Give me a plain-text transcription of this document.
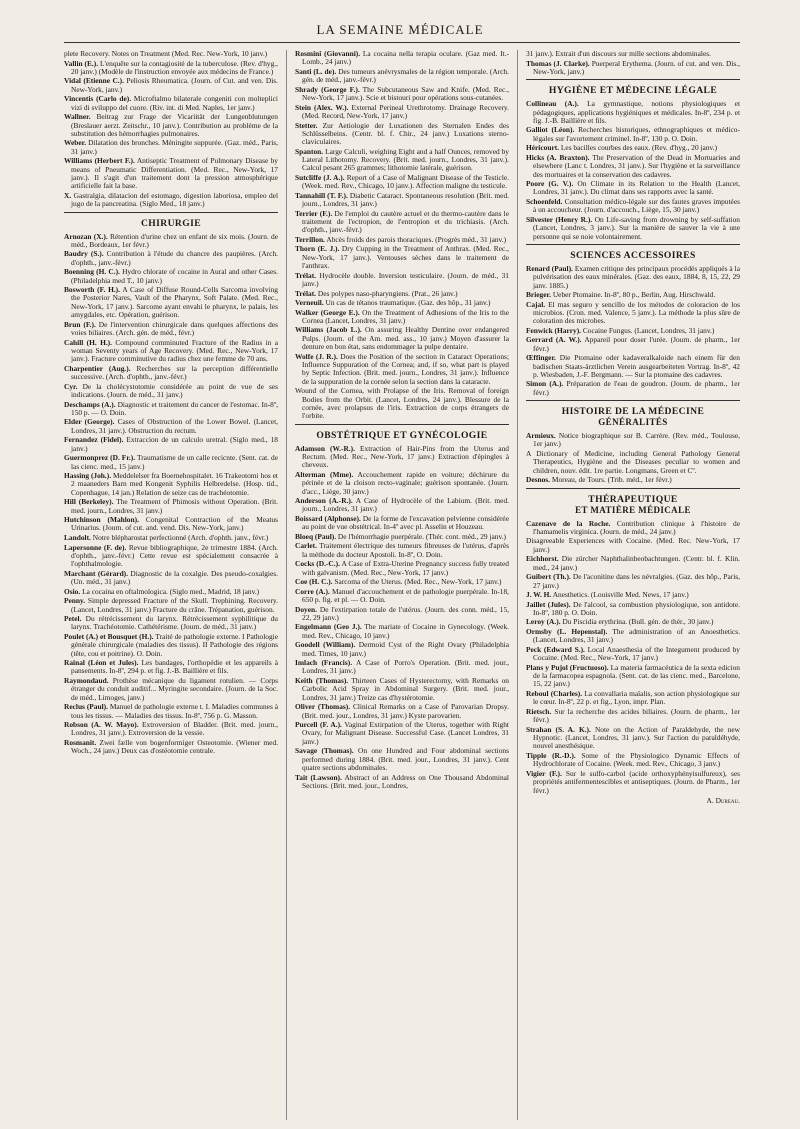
LA SEMAINE MÉDICALE
plete Recovery. Notes on Treatment (Med. Rec. New-York, 10 janv.)
Vallin (E.). L'enquête sur la contagiosité de la tuberculose. (Rev. d'hyg., 20 janv.) (Modèle de l'instruction envoyée aux médecins de France.)
Vidal (Etienne C.). Peliosis Rheumatica. (Journ. of Cut. and ven. Dis. New-York, janv.)
Vincentis (Carlo de). Microftalmo bilaterale congeniti con molteplici vizi di sviluppo del cuore. (Riv. int. di Med. Naples, 1er janv.)
Wallner. Beitrag zur Frage der Vicariität der Lungenblutungen (Breslauer aerzt. Zeitschr., 10 janv.). Contribution au problème de la substitution des hémorrhagies pulmonaires.
Weber. Dilatation des bronches. Méningite suppurée. (Gaz. méd., Paris, 31 janv.)
Williams (Herbert F.). Antiseptic Treatment of Pulmonary Disease by means of Pneumatic Differentiation. (Med. Rec., New-York, 17 janv.). Il s'agit d'un traitement dont la pression atmosphérique artificielle fait la base.
X. Gastralgia, dilatacion del estomago, digestion laboriosa, empleo del jugo de la pancreatina. (Siglo Med., 18 janv.)
CHIRURGIE
Arnozan (X.). Rétention d'urine chez un enfant de six mois. (Journ. de méd., Bordeaux, 1er févr.)
Baudry (S.). Contribution à l'étude du chancre des paupières. (Arch. d'ophth., janv.-févr.)
Boenning (H. C.). Hydro chlorate of cocaine in Aural and other Cases. (Philadelphia med T., 10 janv.)
Bosworth (F. H.). A Case of Diffuse Round-Cells Sarcoma involving the Posterior Nares, Vault of the Pharynx, Soft Palate. (Med. Rec., New-York, 17 janv.). Sarcome ayant envahi le pharynx, le palais, les amygdales, etc. Opération, guérison.
Brun (F.). De l'intervention chirurgicale dans quelques affections des voies biliaires. (Arch. gén. de méd., févr.)
Cahill (H. H.). Compound comminuted Fracture of the Radius in a woman Seventy years of Age Recovery. (Med. Rec., New-York, 17 janv.). Fracture comminutive du radius chez une femme de 70 ans.
Charpentier (Aug.). Recherches sur la perception différentielle successive. (Arch. d'ophth., janv.-févr.)
Cyr. De la cholécystotomie considérée au point de vue de ses indications. (Journ. de méd., 31 janv.)
Deschamps (A.). Diagnostic et traitement du cancer de l'estomac. In-8º, 150 p. — O. Doin.
Elder (George). Cases of Obstruction of the Lower Bowel. (Lancet, Londres, 31 janv.). Obstruction du rectum.
Fernandez (Fidel). Extraccion de un calculo uretral. (Siglo med., 18 janv.)
Guermonprez (D. Fr.). Traumatisme de un calle recicnte. (Sent. cat. de las cienc. med., 15 janv.)
Hassing (Joh.). Meddelelser fra Boernehospitalet. 16 Trakeotomi hos et 2 maaneders Barn med Kongenit Syphilis Helbredelse. (Hosp. tid., Copenhague, 14 jan.) Relation de seize cas de trachéotomie.
Hill (Berkeley). The Treatment of Phimosis without Operation. (Brit. med. journ., Londres, 31 janv.)
Hutchinson (Mahlon). Congenital Contraction of the Meatus Urinarius. (Journ. of cut. and. vend. Dis. New-York, janv.)
Landolt. Notre blépharostat perfectionné (Arch. d'ophth. janv., févr.)
Lapersonne (F. de). Revue bibliographique, 2e trimestre 1884. (Arch. d'ophth., janv.-févr.) Cette revue est spécialement consacrée à l'ophthalmologie.
Marchant (Gérard). Diagnostic de la coxalgie. Des pseudo-coxalgies. (Un. méd., 31 janv.)
Osio. La cocaina en oftalmologica. (Siglo med., Madrid, 18 janv.)
Penny. Simple depressed Fracture of the Skull. Trephining. Recovery. (Lancet, Londres, 31 janv.) Fracture du crâne. Trépanation, guérison.
Petel. Du rétrécissement du larynx. Rétrécissement syphilitique du larynx. Trachéotomie. Cathétérisme. (Journ. de méd., 31 janv.)
Poulet (A.) et Bousquet (H.). Traité de pathologie externe. I Pathologie générale chirurgicale (maladies des tissus). II Pathologie des régions (tête, cou et poitrine). O. Doin.
Rainal (Léon et Jules). Les bandages, l'orthopédie et les appareils à pansements. In-8º, 294 p. et fig. J.-B. Baillière et fils.
Raymondaud. Prothèse mécanique du ligament rotulien. — Corps étranger du conduit auditif... Myringite secondaire. (Journ. de la Soc. de méd., Limoges, janv.)
Reclus (Paul). Manuel de pathologie externe t. I. Maladies communes à tous les tissus. — Maladies des tissus. In-8º, 756 p. G. Masson.
Robson (A. W. Mayo). Extroversion of Bladder. (Brit. med. journ., Londres, 31 janv.). Extroversion de la vessie.
Rosmanit. Zwei fælle von bogenformiger Osteotomie. (Wiener med. Woch., 24 janv.) Deux cas d'ostéotomie centrale.
Rosmini (Giovanni). La cocaina nella terapia oculare. (Gaz med. It.-Lomb., 24 janv.)
Santi (L. de). Des tumeurs anévrysmales de la région temporale. (Arch. gén. de méd., janv.-févr.)
Shrady (George F.). The Subcutaneous Saw and Knife. (Med. Rec., New-York, 17 janv.). Scie et bistouri pour opérations sous-cutanées.
Stein (Alex. W.). External Perineal Urethrotomy. Drainage Recovery. (Med. Record, New-York, 17 janv.)
Stetter. Zur Aetiologie der Luxationen des Sternalen Endes des Schlüsselbeins. (Centr. bl. f. Chir., 24 janv.) Luxations sterno-claviculaires.
Spanton. Large Calculi, weighing Eight and a half Ounces, removed by Lateral Lithotomy. Recovery. (Brit. med. journ., Londres, 31 janv.). Calcul pesant 265 grammes; lithotomie latérale, guérison.
Sutcliffe (J. A.). Report of a Case of Malignant Disease of the Testicle. (Week. med. Rev., Chicago, 10 janv.). Affection maligne du testicule.
Tannahill (T. F.). Diabetic Cataract. Spontaneous resolution (Brit. med. journ., Londres, 31 janv.)
Terrier (F.). De l'emploi du cautère actuel et du thermo-cautère dans le traitement de l'ectropion, de l'entropion et du trichiasis. (Arch. d'ophth., janv.-févr.)
Terrillon. Abcès froids des parois thoraciques. (Progrès méd., 31 janv.)
Thorn (E. J.). Dry Cupping in the Treatment of Anthrax. (Med. Rec., New-York, 17 janv.). Ventouses sèches dans le traitement de l'anthrax.
Trélat. Hydrocèle double. Inversion testiculaire. (Journ. de méd., 31 janv.)
Trélat. Des polypes naso-pharyngiens. (Prat., 26 janv.)
Verneuil. Un cas de tétanos traumatique. (Gaz. des hôp., 31 janv.)
Walker (George E.). On the Treatment of Adhesions of the Iris to the Cornea (Lancet, Londres, 31 janv.)
Williams (Jacob L.). On assuring Healthy Dentine over endangered Pulps. (Journ. of the Am. med. ass., 10 janv.) Moyen d'assurer la denture en bon état, sans endommager la pulpe dentaire.
Wolfe (J. R.). Does the Position of the section in Cataract Operations; Influence Suppuration of the Cornea; and, if so, what part is played by Septic Infection. (Brit. med. journ., Londres, 31 janv.). Influence de la suppuration de la cornée selon la section dans la cataracte.
Wound of the Cornea, with Prolapse of the Iris. Removal of foreign Bodies from the Orbit. (Lancet, Londres, 24 janv.). Blessure de la cornée, avec prolapsus de l'iris. Extraction de corps étrangers de l'orbite.
OBSTÉTRIQUE ET GYNÉCOLOGIE
Adamson (W.-R.). Extraction of Hair-Pins from the Uterus and Rectum. (Med. Rec., New-York, 17 janv.) Extraction d'épingles à cheveux.
Alterman (Mme). Accouchement rapide en voiture; déchirure du périnée et de la cloison recto-vaginale; guérison spontanée. (Journ. d'acc., Liège, 30 janv.)
Anderson (A.-R.). A Case of Hydrocèle of the Labium. (Brit. med. journ., Londres, 31 janv.)
Boissard (Alphonse). De la forme de l'excavation pelvienne considérée au point de vue obstétrical. In-4º avec pl. Asselin et Houzeau.
Bloeq (Paul). De l'hémorrhagie puerpérale. (Thér. cont. méd., 29 janv.)
Carlet. Traitement électrique des tumeurs fibreuses de l'utérus, d'après la méthode du docteur Apostoli. In-8º, O. Doin.
Cocks (D.-C.). A Case of Extra-Uterine Pregnancy success fully treated with galvanism. (Med. Rec., New-York, 17 janv.)
Coe (H. C.). Sarcoma of the Uterus. (Med. Rec., New-York, 17 janv.)
Corre (A.). Manuel d'accouchement et de pathologie puerpérale. In-18, 650 p. fig. et pl. — O. Doin.
Doyen. De l'extirpation totale de l'utérus. (Journ. des conn. méd., 15, 22, 29 janv.)
Engelmann (Geo J.). The mariate of Cocaine in Gynecology. (Week. med. Rev., Chicago, 10 janv.)
Goodell (William). Dermoid Cyst of the Right Ovary (Philadelphia med. Times, 10 janv.)
Imlach (Francis). A Case of Porro's Operation. (Brit. med. jour., Londres, 31 janv.)
Keith (Thomas). Thirteen Cases of Hysterectomy, with Remarks on Carbolic Acid Spray in Abdominal Surgery. (Brit. med. jour., Londres, 31 janv.) Treize cas d'hystérotomie.
Oliver (Thomas). Clinical Remarks on a Case of Parovarian Dropsy. (Brit. med. jour., Londres, 31 janv.) Kyste parovarien.
Purcell (F. A.). Vaginal Extirpation of the Uterus, together with Right Ovary, for Malignant Disease. Successful Case. (Lancet Londres, 31 janv.)
Savage (Thomas). On one Hundred and Four abdominal sections performed during 1884. (Brit. med. jour., Londres, 31 janv.). Cent quatre sections abdominales.
Tait (Lawson). Abstract of an Address on One Thousand Abdominal Sections. (Brit. med. jour., Londres,
31 janv.). Extrait d'un discours sur mille sections abdominales.
Thomas (J. Clarke). Puerperal Erythema. (Journ. of cut. and ven. Dis., New-York, janv.)
HYGIÈNE ET MÉDECINE LÉGALE
Collineau (A.). La gymnastique, notions physiologiques et pédagogiques, applications hygiéniques et médicales. In-8º, 234 p. et fig. J.-B. Baillière et fils.
Galliot (Léon). Recherches historiques, ethnographiques et médico-légales sur l'avortement criminel. In-8º, 130 p. O. Doin.
Héricourt. Les bacilles courbes des eaux. (Rev. d'hyg., 20 janv.)
Hicks (A. Braxton). The Preservation of the Dead in Mortuaries and elsewhere (Lanc t. Londres, 31 janv.). Sur l'hygiène et la surveillance des mortuaires et la conservation des cadavres.
Poore (G. V.). On Climate in its Relation to the Health (Lancet, Londres, 31 janv.). Du climat dans ses rapports avec la santé.
Schoenfeld. Consultation médico-légale sur des fautes graves imputées à un accoucheur. (Journ. d'accouch., Liège, 15, 30 janv.)
Silvester (Henry R.). On Life-saving from drowning by self-suffation (Lancet, Londres, 3 janv.). Sur la manière de sauver la vie à une personne qui se noie volontairement.
SCIENCES ACCESSOIRES
Renard (Paul). Examen critique des principaux procédés appliqués à la pulvérisation des eaux minérales. (Gaz. des eaux, 1884, 8, 15, 22, 29 janv. 1885.)
Brieger. Ueber Ptomaine. In-8º, 80 p., Berlin, Aug. Hirschwald.
Cajal. El mas seguro y sencillo de los métodos de coloracion de los microbios. (Cron. med. Valence, 5 janv.). La méthode la plus sûre de coloration des microbes.
Fenwick (Harry). Cocaine Fungus. (Lancet, Londres, 31 janv.)
Gerrard (A. W.). Appareil pour doser l'urée. (Journ. de pharm., 1er févr.)
Œffinger. Die Ptomaine oder kadaveralkaloide nach einem für den badischen Staats-ärztlichen Verein ausgearbeiteten Vortrag. In-8º, 42 p. Wiesbaden, J.-F. Bergmann. — Sur la ptomaine des cadavres.
Simon (A.). Préparation de l'eau de goudron. (Journ. de pharm., 1er févr.)
HISTOIRE DE LA MÉDECINE
GÉNÉRALITÉS
Armieux. Notice biographique sur B. Carrère. (Rev. méd., Toulouse, 1er janv.)
A Dictionary of Medicine, including General Pathology General Therapeutics, Hygiène and the Diseases peculiar to women and children, nouv. édit. 1re partie. Longmans, Green et Cº.
Desnos. Moreau, de Tours. (Trib. méd., 1er févr.)
THÉRAPEUTIQUE
ET MATIÈRE MÉDICALE
Cazenave de la Roche. Contribution clinique à l'histoire de l'hamamelis virginica. (Journ. de méd., 24 janv.)
Disagreeable Experiences with Cocaine. (Med. Rec. New-York, 17 janv.)
Eichhorst. Die zürcher Naphthalinbeobachtungen. (Centr. bl. f. Klin. med., 24 janv.)
Guibert (Th.). De l'aconitine dans les névralgies. (Gaz. des hôp., Paris, 27 janv.)
J. W. H. Anesthetics. (Louisville Med. News, 17 janv.)
Jaillet (Jules). De l'alcool, sa combustion physiologique, son antidote. In-8º, 180 p. O. Doin.
Leroy (A.). Du Piscidia erythrina. (Bull. gén. de thér., 30 janv.)
Ormsby (L. Hepenstal). The administration of an Anoesthetics. (Lancet, Londres, 31 janv.)
Peck (Edward S.). Local Anaesthesia of the Integument produced by Cocaine. (Med. Rec., New-York, 17 janv.)
Plans y Pujol (Fructuoso). La materia farmacéutica de la sexta edicion de la farmacopea espagnola. (Sent. cat. de las cienc. med., Barcelone, 15, 22 janv.)
Reboul (Charles). La convallaria maïalis, son action physiologique sur le cœur. In-8º, 22 p. et fig., Lyon, impr. Plan.
Rietsch. Sur la recherche des acides biliaires. (Journ. de pharm., 1er févr.)
Strahan (S. A. K.). Note on the Action of Paraldehyde, the new Hypnotic. (Lancet, Londres, 31 janv.). Sur l'action du paraldéhyde, nouvel anesthésique.
Tipple (R.-D.). Some of the Physiologico Dynamic Effects of Hydrochlorate of Cocaine. (Week. med. Rev., Chicago, 3 janv.)
Vigier (F.). Sur le sulfo-carbol (acide orthoxyphényisulfureux), ses propriétés antifermentescibles et antiseptiques. (Journ. de Pharm., 1er févr.)
A. Dureau.
